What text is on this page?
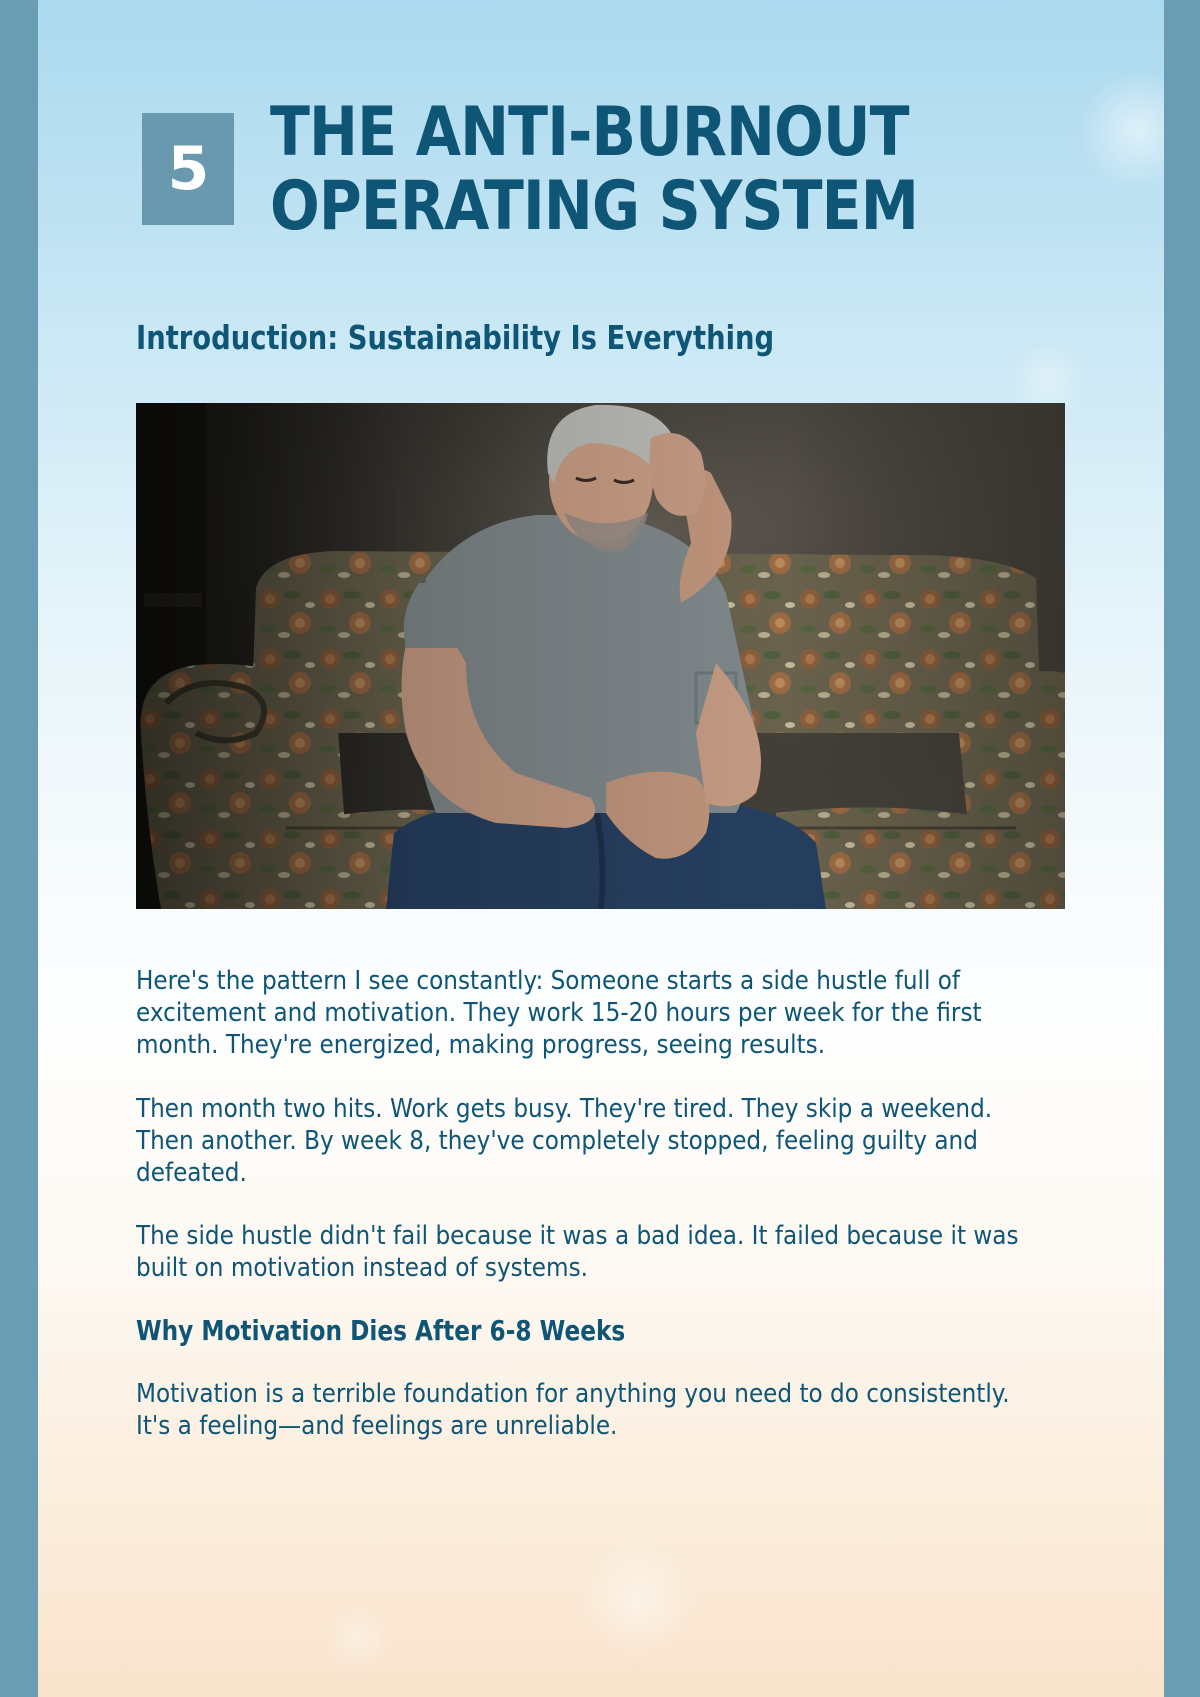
5 THE ANTI-BURNOUT
OPERATING SYSTEM
Introduction: Sustainability Is Everything

Here's the pattern I see constantly: Someone starts a side hustle full of excitement and motivation. They work 15-20 hours per week for the first month. They're energized, making progress, seeing results.

Then month two hits. Work gets busy. They're tired. They skip a weekend. Then another. By week 8, they've completely stopped, feeling guilty and defeated.

The side hustle didn't fail because it was a bad idea. It failed because it was built on motivation instead of systems.

Why Motivation Dies After 6-8 Weeks

Motivation is a terrible foundation for anything you need to do consistently. It's a feeling—and feelings are unreliable.
